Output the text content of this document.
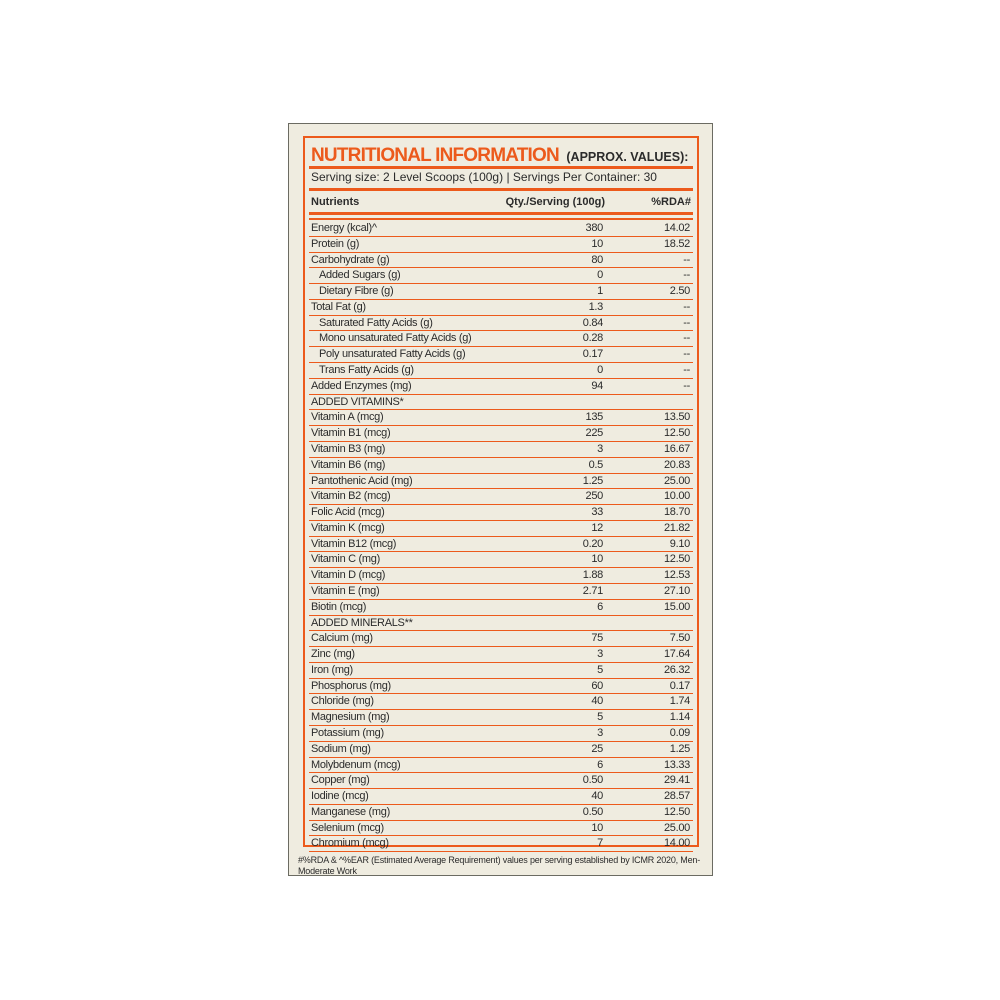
NUTRITIONAL INFORMATION (APPROX. VALUES):
Serving size: 2 Level Scoops (100g) | Servings Per Container: 30
Nutrients	Qty./Serving (100g)	%RDA#
Energy (kcal)^	380	14.02
Protein (g)	10	18.52
Carbohydrate (g)	80	--
Added Sugars (g)	0	--
Dietary Fibre (g)	1	2.50
Total Fat (g)	1.3	--
Saturated Fatty Acids (g)	0.84	--
Mono unsaturated Fatty Acids (g)	0.28	--
Poly unsaturated Fatty Acids (g)	0.17	--
Trans Fatty Acids (g)	0	--
Added Enzymes (mg)	94	--
ADDED VITAMINS*
Vitamin A (mcg)	135	13.50
Vitamin B1 (mcg)	225	12.50
Vitamin B3 (mg)	3	16.67
Vitamin B6 (mg)	0.5	20.83
Pantothenic Acid (mg)	1.25	25.00
Vitamin B2 (mcg)	250	10.00
Folic Acid (mcg)	33	18.70
Vitamin K (mcg)	12	21.82
Vitamin B12 (mcg)	0.20	9.10
Vitamin C (mg)	10	12.50
Vitamin D (mcg)	1.88	12.53
Vitamin E (mg)	2.71	27.10
Biotin (mcg)	6	15.00
ADDED MINERALS**
Calcium (mg)	75	7.50
Zinc (mg)	3	17.64
Iron (mg)	5	26.32
Phosphorus (mg)	60	0.17
Chloride (mg)	40	1.74
Magnesium (mg)	5	1.14
Potassium (mg)	3	0.09
Sodium (mg)	25	1.25
Molybdenum (mcg)	6	13.33
Copper (mg)	0.50	29.41
Iodine (mcg)	40	28.57
Manganese (mg)	0.50	12.50
Selenium (mcg)	10	25.00
Chromium (mcg)	7	14.00
#%RDA & ^%EAR (Estimated Average Requirement) values per serving established by ICMR 2020, Men-Moderate Work
